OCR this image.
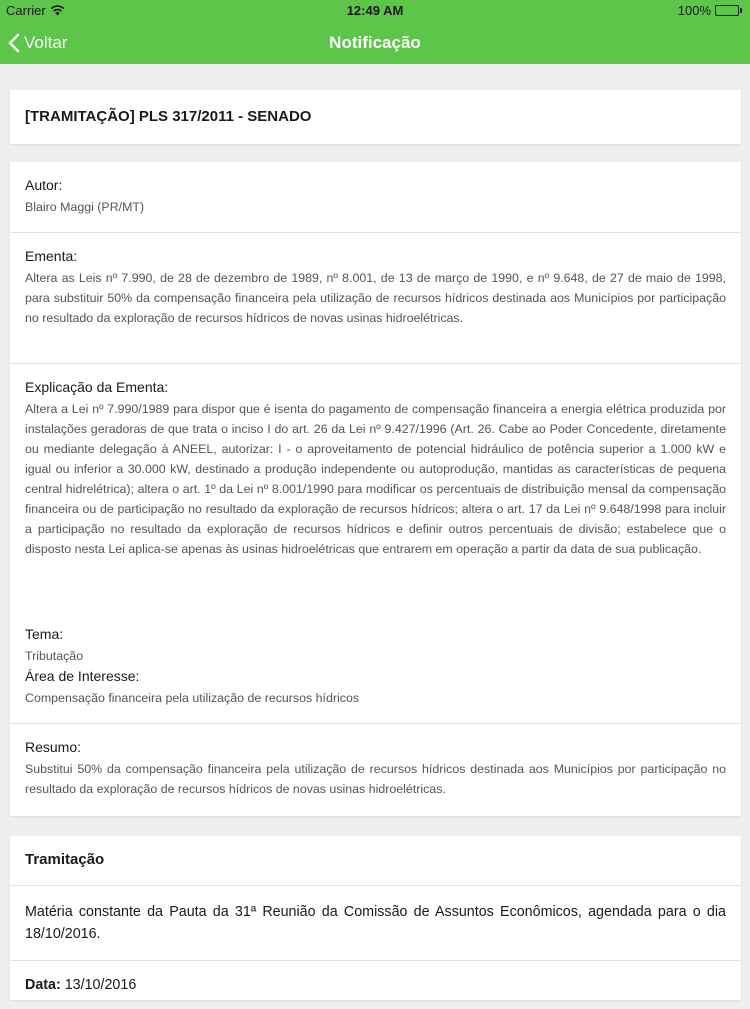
Carrier	12:49 AM	100%
Voltar	Notificação
[TRAMITAÇÃO] PLS 317/2011 - SENADO
Autor:
Blairo Maggi (PR/MT)
Ementa:
Altera as Leis nº 7.990, de 28 de dezembro de 1989, nº 8.001, de 13 de março de 1990, e nº 9.648, de 27 de maio de 1998, para substituir 50% da compensação financeira pela utilização de recursos hídricos destinada aos Municípios por participação no resultado da exploração de recursos hídricos de novas usinas hidroelétricas.
Explicação da Ementa:
Altera a Lei nº 7.990/1989 para dispor que é isenta do pagamento de compensação financeira a energia elétrica produzida por instalações geradoras de que trata o inciso I do art. 26 da Lei nº 9.427/1996 (Art. 26. Cabe ao Poder Concedente, diretamente ou mediante delegação à ANEEL, autorizar: I - o aproveitamento de potencial hidráulico de potência superior a 1.000 kW e igual ou inferior a 30.000 kW, destinado a produção independente ou autoprodução, mantidas as características de pequena central hidrelétrica); altera o art. 1º da Lei nº 8.001/1990 para modificar os percentuais de distribuição mensal da compensação financeira ou de participação no resultado da exploração de recursos hídricos; altera o art. 17 da Lei nº 9.648/1998 para incluir a participação no resultado da exploração de recursos hídricos e definir outros percentuais de divisão; estabelece que o disposto nesta Lei aplica-se apenas às usinas hidroelétricas que entrarem em operação a partir da data de sua publicação.
Tema:
Tributação
Área de Interesse:
Compensação financeira pela utilização de recursos hídricos
Resumo:
Substitui 50% da compensação financeira pela utilização de recursos hídricos destinada aos Municípios por participação no resultado da exploração de recursos hídricos de novas usinas hidroelétricas.
Tramitação
Matéria constante da Pauta da 31ª Reunião da Comissão de Assuntos Econômicos, agendada para o dia 18/10/2016.
Data: 13/10/2016
